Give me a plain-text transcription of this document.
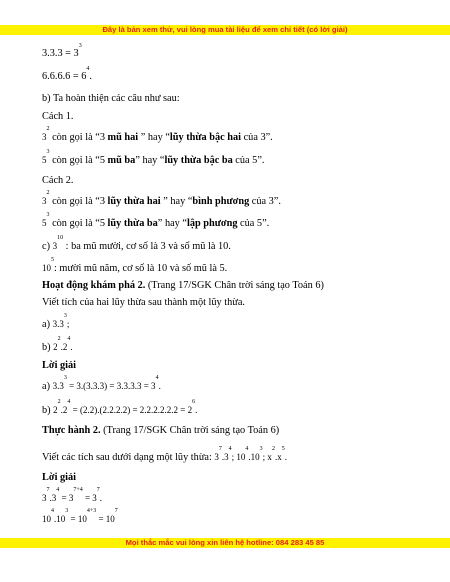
Đây là bản xem thử, vui lòng mua tài liệu để xem chi tiết (có lời giải)
$3.3.3 = 3^3$
$6.6.6.6 = 6^4$.
b) Ta hoàn thiện các câu như sau:
Cách 1.
$3^2$ còn gọi là “3 mũ hai ” hay “lũy thừa bậc hai của 3”.
$5^3$ còn gọi là “5 mũ ba” hay “lũy thừa bậc ba của 5”.
Cách 2.
$3^2$ còn gọi là “3 lũy thừa hai ” hay “bình phương của 3”.
$5^3$ còn gọi là “5 lũy thừa ba” hay “lập phương của 5”.
c) $3^{10}$ : ba mũ mười, cơ số là 3 và số mũ là 10.
$10^5$: mười mũ năm, cơ số là 10 và số mũ là 5.
Hoạt động khám phá 2. (Trang 17/SGK Chân trời sáng tạo Toán 6)
Viết tích của hai lũy thừa sau thành một lũy thừa.
a) $3.3^3$;
b) $2^2.2^4$.
Lời giải
a) $3.3^3 = 3.(3.3.3) = 3.3.3.3 = 3^4$.
b) $2^2.2^4 = (2.2).(2.2.2.2) = 2.2.2.2.2.2 = 2^6$.
Thực hành 2. (Trang 17/SGK Chân trời sáng tạo Toán 6)
Viết các tích sau dưới dạng một lũy thừa: $3^7.3^4$; $10^4.10^3$; $x^2.x^5$.
Lời giải
$3^7.3^4 = 3^{7+4} = 3^7$.
$10^4.10^3 = 10^{4+3} = 10^7$
Mọi thắc mắc vui lòng xin liên hệ hotline: 084 283 45 85
